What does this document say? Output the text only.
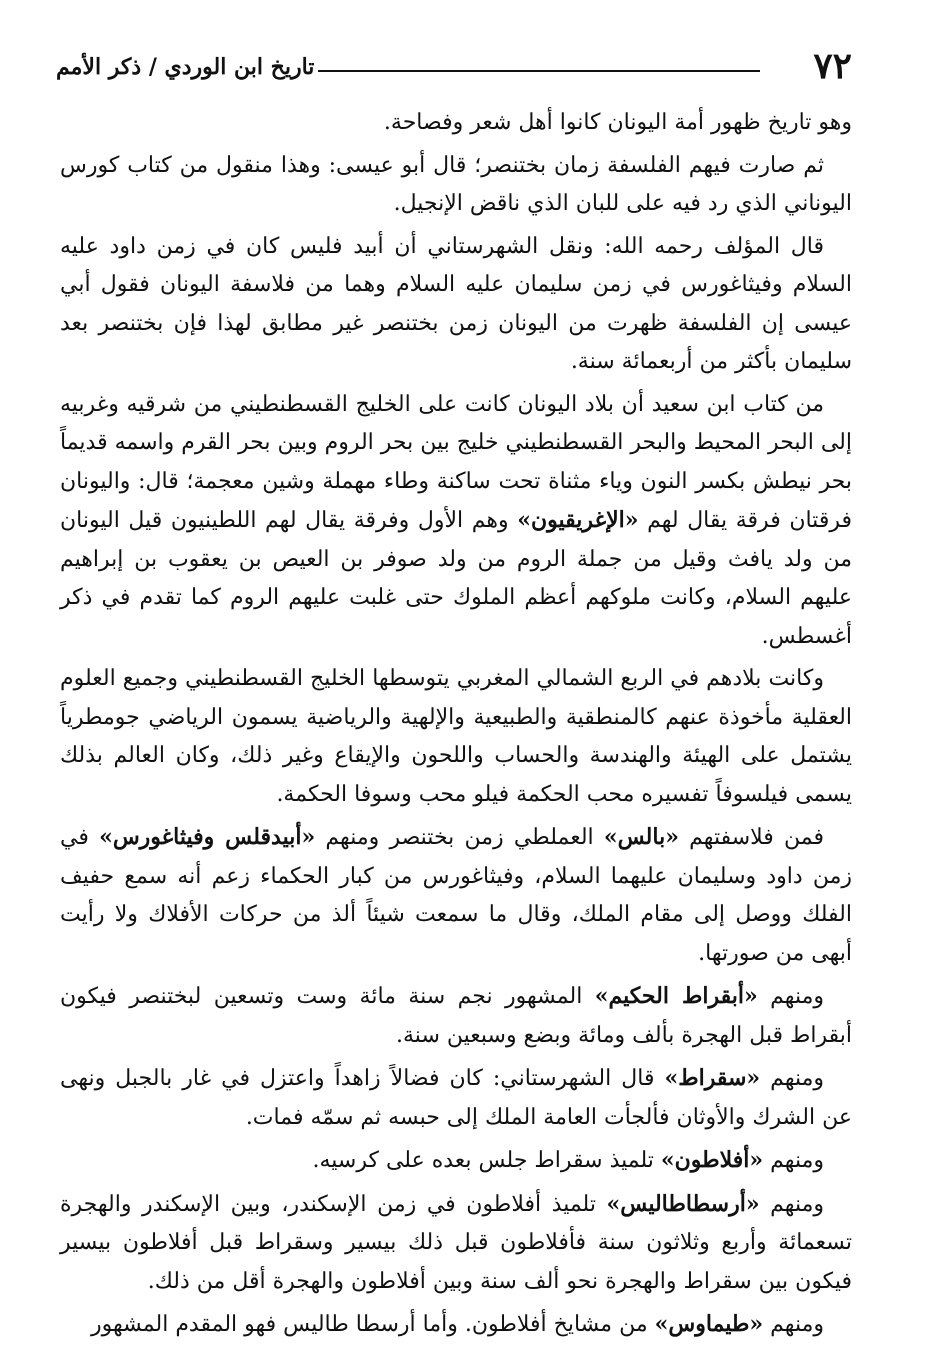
٧٢
تاريخ ابن الوردي / ذكر الأمم

وهو تاريخ ظهور أمة اليونان كانوا أهل شعر وفصاحة.

ثم صارت فيهم الفلسفة زمان بختنصر؛ قال أبو عيسى: وهذا منقول من كتاب كورس اليوناني الذي رد فيه على للبان الذي ناقض الإنجيل.

قال المؤلف رحمه الله: ونقل الشهرستاني أن أبيد فليس كان في زمن داود عليه السلام وفيثاغورس في زمن سليمان عليه السلام وهما من فلاسفة اليونان فقول أبي عيسى إن الفلسفة ظهرت من اليونان زمن بختنصر غير مطابق لهذا فإن بختنصر بعد سليمان بأكثر من أربعمائة سنة.

من كتاب ابن سعيد أن بلاد اليونان كانت على الخليج القسطنطيني من شرقيه وغربيه إلى البحر المحيط والبحر القسطنطيني خليج بين بحر الروم وبين بحر القرم واسمه قديماً بحر نيطش بكسر النون وياء مثناة تحت ساكنة وطاء مهملة وشين معجمة؛ قال: واليونان فرقتان فرقة يقال لهم «الإغريقيون» وهم الأول وفرقة يقال لهم اللطينيون قيل اليونان من ولد يافث وقيل من جملة الروم من ولد صوفر بن العيص بن يعقوب بن إبراهيم عليهم السلام، وكانت ملوكهم أعظم الملوك حتى غلبت عليهم الروم كما تقدم في ذكر أغسطس.

وكانت بلادهم في الربع الشمالي المغربي يتوسطها الخليج القسطنطيني وجميع العلوم العقلية مأخوذة عنهم كالمنطقية والطبيعية والإلهية والرياضية يسمون الرياضي جومطرياً يشتمل على الهيئة والهندسة والحساب واللحون والإيقاع وغير ذلك، وكان العالم بذلك يسمى فيلسوفاً تفسيره محب الحكمة فيلو محب وسوفا الحكمة.

فمن فلاسفتهم «بالس» العملطي زمن بختنصر ومنهم «أبيدقلس وفيثاغورس» في زمن داود وسليمان عليهما السلام، وفيثاغورس من كبار الحكماء زعم أنه سمع حفيف الفلك ووصل إلى مقام الملك، وقال ما سمعت شيئاً ألذ من حركات الأفلاك ولا رأيت أبهى من صورتها.

ومنهم «أبقراط الحكيم» المشهور نجم سنة مائة وست وتسعين لبختنصر فيكون أبقراط قبل الهجرة بألف ومائة وبضع وسبعين سنة.

ومنهم «سقراط» قال الشهرستاني: كان فضالاً زاهداً واعتزل في غار بالجبل ونهى عن الشرك والأوثان فألجأت العامة الملك إلى حبسه ثم سمّه فمات.

ومنهم «أفلاطون» تلميذ سقراط جلس بعده على كرسيه.

ومنهم «أرسطاطاليس» تلميذ أفلاطون في زمن الإسكندر، وبين الإسكندر والهجرة تسعمائة وأربع وثلاثون سنة فأفلاطون قبل ذلك بيسير وسقراط قبل أفلاطون بيسير فيكون بين سقراط والهجرة نحو ألف سنة وبين أفلاطون والهجرة أقل من ذلك.

ومنهم «طيماوس» من مشايخ أفلاطون. وأما أرسطا طاليس فهو المقدم المشهور
